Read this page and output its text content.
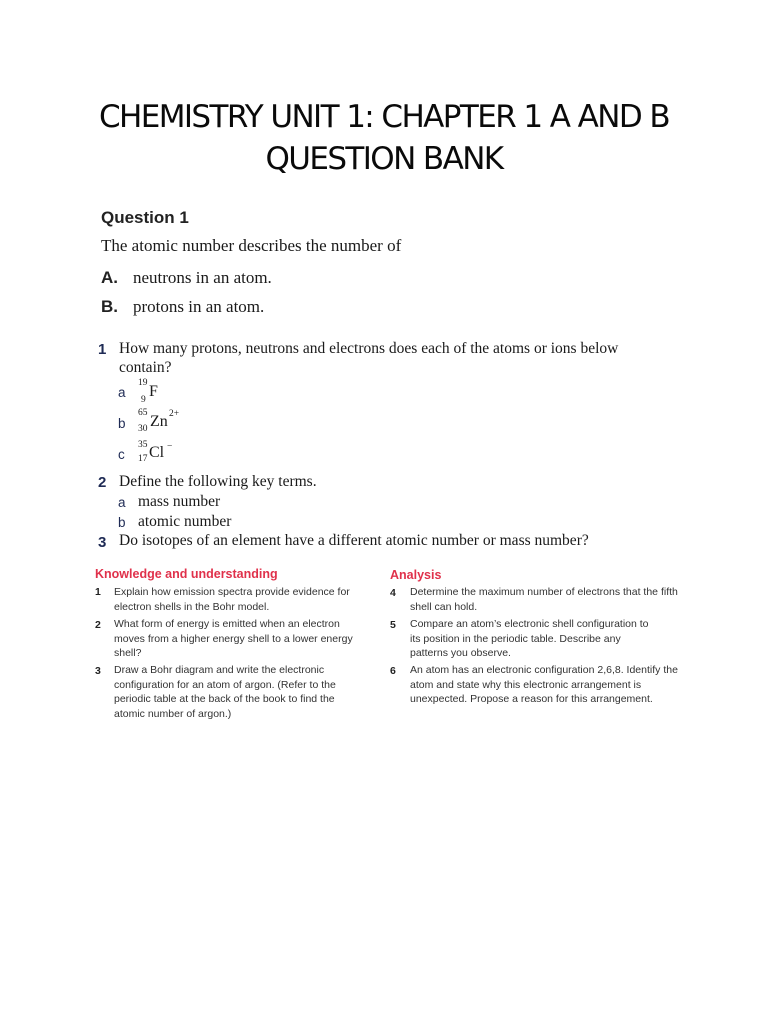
CHEMISTRY UNIT 1: CHAPTER 1 A AND B
QUESTION BANK
Question 1
The atomic number describes the number of
A. neutrons in an atom.
B. protons in an atom.
1 How many protons, neutrons and electrons does each of the atoms or ions below
contain?
a
19
9 F
b
65
30 Zn 2+
c
35
17 Cl −
2 Define the following key terms.
a mass number
b atomic number
3 Do isotopes of an element have a different atomic number or mass number?
Knowledge and understanding
1 Explain how emission spectra provide evidence for electron shells in the Bohr model.
2 What form of energy is emitted when an electron moves from a higher energy shell to a lower energy shell?
3 Draw a Bohr diagram and write the electronic configuration for an atom of argon. (Refer to the periodic table at the back of the book to find the atomic number of argon.)
Analysis
4 Determine the maximum number of electrons that the fifth shell can hold.
5 Compare an atom’s electronic shell configuration to its position in the periodic table. Describe any patterns you observe.
6 An atom has an electronic configuration 2,6,8. Identify the atom and state why this electronic arrangement is unexpected. Propose a reason for this arrangement.
